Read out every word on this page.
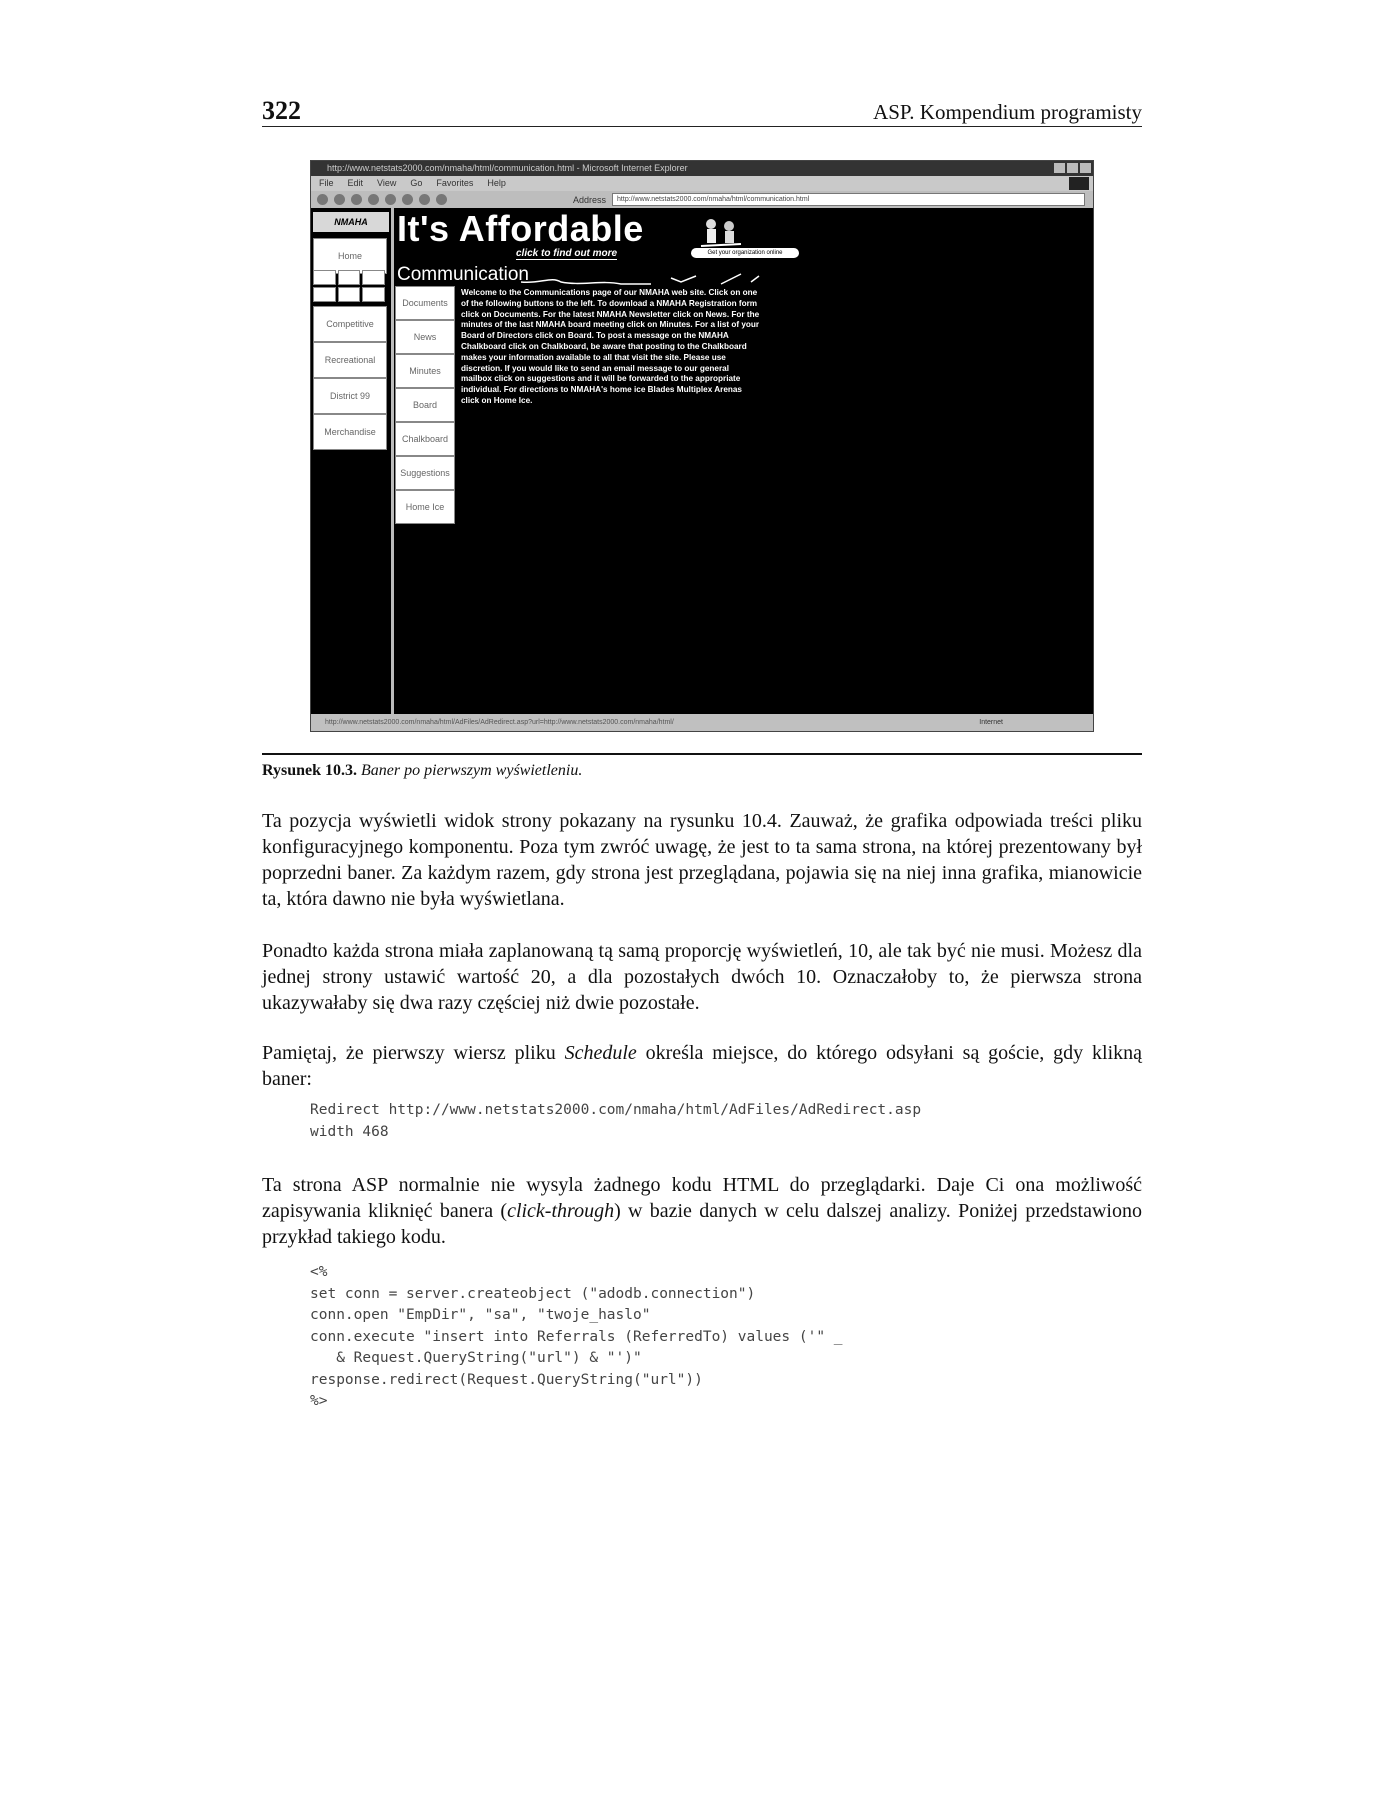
322	ASP. Kompendium programisty
http://www.netstats2000.com/nmaha/html/communication.html - Microsoft Internet Explorer
File Edit View Go Favorites Help
Address	http://www.netstats2000.com/nmaha/html/communication.html
NMAHA
Home
Competitive
Recreational
District 99
Merchandise
It's Affordable
click to find out more	Get your organization online
Communication
Documents
News
Minutes
Board
Chalkboard
Suggestions
Home Ice
Welcome to the Communications page of our NMAHA web site. Click on one of the following buttons to the left. To download a NMAHA Registration form click on Documents. For the latest NMAHA Newsletter click on News. For the minutes of the last NMAHA board meeting click on Minutes. For a list of your Board of Directors click on Board. To post a message on the NMAHA Chalkboard click on Chalkboard, be aware that posting to the Chalkboard makes your information available to all that visit the site. Please use discretion. If you would like to send an email message to our general mailbox click on suggestions and it will be forwarded to the appropriate individual. For directions to NMAHA's home ice Blades Multiplex Arenas click on Home Ice.
http://www.netstats2000.com/nmaha/html/AdFiles/AdRedirect.asp?url=http://www.netstats2000.com/nmaha/html/	Internet
Rysunek 10.3. Baner po pierwszym wyświetleniu.
Ta pozycja wyświetli widok strony pokazany na rysunku 10.4. Zauważ, że grafika odpowiada treści pliku konfiguracyjnego komponentu. Poza tym zwróć uwagę, że jest to ta sama strona, na której prezentowany był poprzedni baner. Za każdym razem, gdy strona jest przeglądana, pojawia się na niej inna grafika, mianowicie ta, która dawno nie była wyświetlana.
Ponadto każda strona miała zaplanowaną tą samą proporcję wyświetleń, 10, ale tak być nie musi. Możesz dla jednej strony ustawić wartość 20, a dla pozostałych dwóch 10. Oznaczałoby to, że pierwsza strona ukazywałaby się dwa razy częściej niż dwie pozostałe.
Pamiętaj, że pierwszy wiersz pliku Schedule określa miejsce, do którego odsyłani są goście, gdy klikną baner:
Redirect http://www.netstats2000.com/nmaha/html/AdFiles/AdRedirect.asp
width 468
Ta strona ASP normalnie nie wysyla żadnego kodu HTML do przeglądarki. Daje Ci ona możliwość zapisywania kliknięć banera (click-through) w bazie danych w celu dalszej analizy. Poniżej przedstawiono przykład takiego kodu.
<%
set conn = server.createobject ("adodb.connection")
conn.open "EmpDir", "sa", "twoje_haslo"
conn.execute "insert into Referrals (ReferredTo) values ('" _
& Request.QueryString("url") & "')"
response.redirect(Request.QueryString("url"))
%>
